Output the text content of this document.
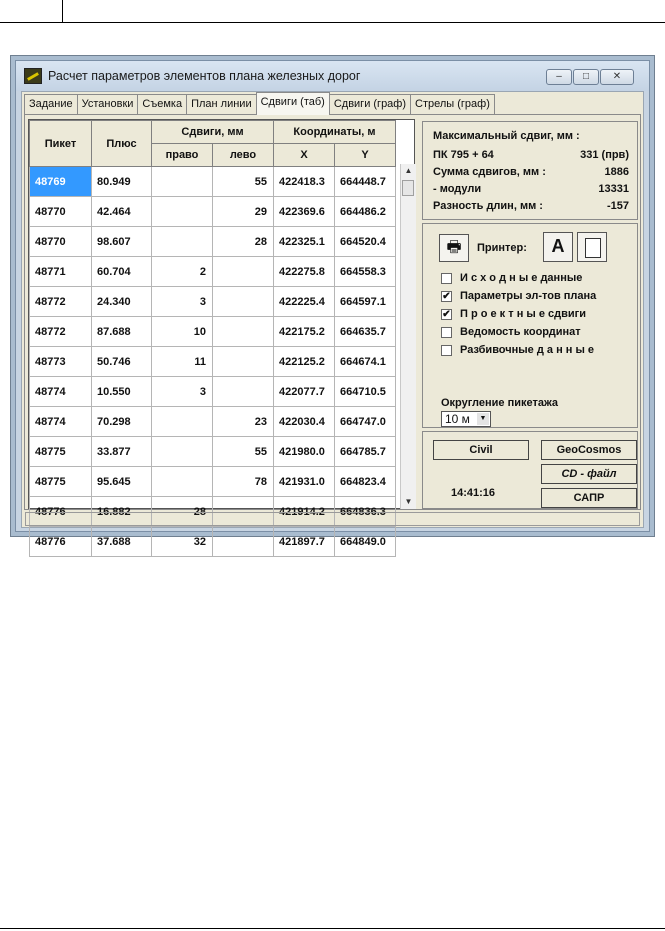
Расчет параметров элементов плана железных дорог	–	□	✕
Задание Установки Съемка План линии Сдвиги (таб) Сдвиги (граф) Стрелы (граф)
Пикет	Плюс	Сдвиги, мм		Координаты, м	
		право	лево	X	Y
48769	80.949		55	422418.3	664448.7
48770	42.464		29	422369.6	664486.2
48770	98.607		28	422325.1	664520.4
48771	60.704	2		422275.8	664558.3
48772	24.340	3		422225.4	664597.1
48772	87.688	10		422175.2	664635.7
48773	50.746	11		422125.2	664674.1
48774	10.550	3		422077.7	664710.5
48774	70.298		23	422030.4	664747.0
48775	33.877		55	421980.0	664785.7
48775	95.645		78	421931.0	664823.4
48776	16.882	28		421914.2	664836.3
48776	37.688	32		421897.7	664849.0
▲
▼
Максимальный сдвиг, мм :
ПК 795 + 64	331 (прв)
Сумма сдвигов, мм :	1886
- модули	13331
Разность длин, мм :	-157
🖶	Принтер:	A
И с х о д н ы е данные
✔ Параметры эл-тов плана
✔ П р о е к т н ы е сдвиги
Ведомость координат
Разбивочные д а н н ы е
Округление пикетажа
10 м	▼
Civil	GeoCosmos
CD - файл
14:41:16	САПР
